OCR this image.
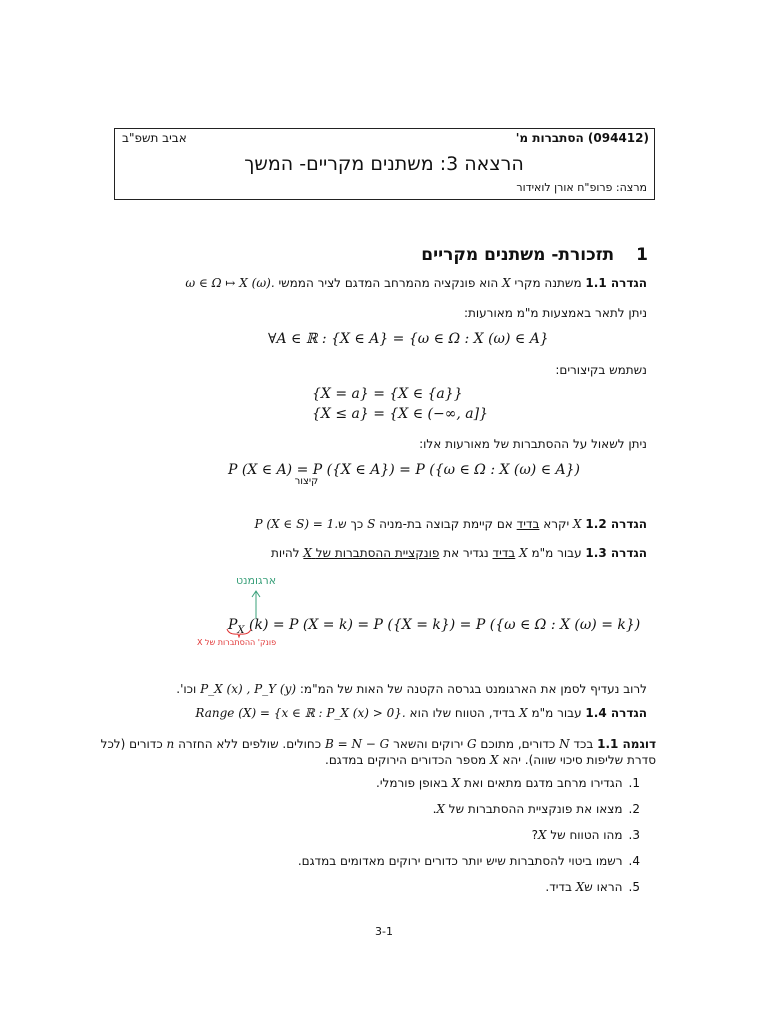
(094412) הסתברות מ'
אביב תשפ"ב
הרצאה 3: משתנים מקריים- המשך
מרצה: פרופ"ח אורן לואידור
1תזכורת- משתנים מקריים
הגדרה 1.1 משתנה מקרי X הוא פונקציה מהמרחב המדגם לציר הממשי ω ∈ Ω ↦ X (ω).
ניתן לתאר באמצעות מ"מ מאורעות:
∀A ∈ ℝ : {X ∈ A} = {ω ∈ Ω : X (ω) ∈ A}
נשתמש בקיצורים:
{X = a} = {X ∈ {a}}
{X ≤ a} = {X ∈ (−∞, a]}
ניתן לשאול על ההסתברות של מאורעות אלו:
P (X ∈ A) =
קיצור
P ({X ∈ A}) = P ({ω ∈ Ω : X (ω) ∈ A})
הגדרה 1.2 X יקרא בדיד אם קיימת קבוצה בת-מניה S כך שP (X ∈ S) = 1.
הגדרה 1.3 עבור מ"מ X בדיד נגדיר את פונקציית ההסתברות של X להיות
ארגומנט
$P_X$ (k) = P (X = k) = P ({X = k}) = P ({ω ∈ Ω : X (ω) = k})
פונק' ההסתברות של X
לרוב נעדיף לסמן את הארגומנט בגרסה הקטנה של האות של המ"מ: P_X (x) , P_Y (y) וכו'.
הגדרה 1.4 עבור מ"מ X בדיד, הטווח שלו הוא Range (X) = {x ∈ ℝ : P_X (x) > 0}.
דוגמה 1.1 בכד N כדורים, מתוכם G ירוקים והשאר B = N − G כחולים. שולפים ללא החזרה n כדורים (לכל
סדרת שליפות סיכוי שווה). יהא X מספר הכדורים הירוקים במדגם.
1.הגדירו מרחב מדגם מתאים ואת X באופן פורמלי.
2.מצאו את פונקציית ההסתברות של X.
3.מהו הטווח של X?
4.רשמו ביטוי להסתברות שיש יותר כדורים ירוקים מאדומים במדגם.
5.הראו שX בדיד.
3-1
